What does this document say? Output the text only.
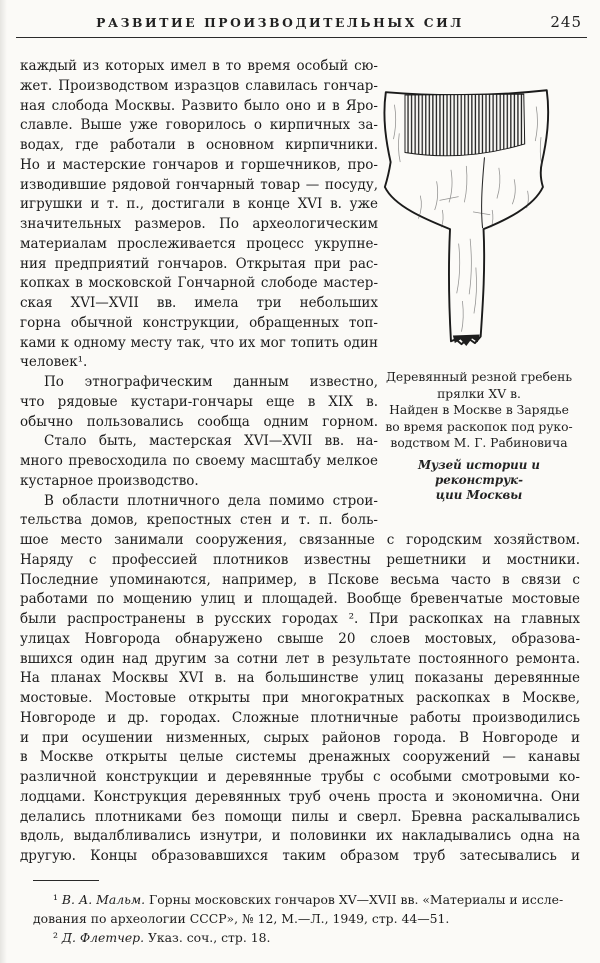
РАЗВИТИЕ ПРОИЗВОДИТЕЛЬНЫХ СИЛ	245
каждый из которых имел в то время особый сю-
жет. Производством изразцов славилась гончар-
ная слобода Москвы. Развито было оно и в Яро-
славле. Выше уже говорилось о кирпичных за-
водах, где работали в основном кирпичники.
Но и мастерские гончаров и горшечников, про-
изводившие рядовой гончарный товар — посуду,
игрушки и т. п., достигали в конце XVI в. уже
значительных размеров. По археологическим
материалам прослеживается процесс укрупне-
ния предприятий гончаров. Открытая при рас-
копках в московской Гончарной слободе мастер-
ская XVI—XVII вв. имела три небольших
горна обычной конструкции, обращенных топ-
ками к одному месту так, что их мог топить один
человек¹.
По этнографическим данным известно,
что рядовые кустари-гончары еще в XIX в.
обычно пользовались сообща одним горном.
Стало быть, мастерская XVI—XVII вв. на-
много превосходила по своему масштабу мелкое
кустарное производство.
В области плотничного дела помимо строи-
тельства домов, крепостных стен и т. п. боль-
Деревянный резной гребень
прялки XV в.
Найден в Москве в Зарядье
во время раскопок под руко-
водством М. Г. Рабиновича
Музей истории и реконструк-
ции Москвы
шое место занимали сооружения, связанные с городским хозяйством.
Наряду с профессией плотников известны решетники и мостники.
Последние упоминаются, например, в Пскове весьма часто в связи с
работами по мощению улиц и площадей. Вообще бревенчатые мостовые
были распространены в русских городах ². При раскопках на главных
улицах Новгорода обнаружено свыше 20 слоев мостовых, образова-
вшихся один над другим за сотни лет в результате постоянного ремонта.
На планах Москвы XVI в. на большинстве улиц показаны деревянные
мостовые. Мостовые открыты при многократных раскопках в Москве,
Новгороде и др. городах. Сложные плотничные работы производились
и при осушении низменных, сырых районов города. В Новгороде и
в Москве открыты целые системы дренажных сооружений — канавы
различной конструкции и деревянные трубы с особыми смотровыми ко-
лодцами. Конструкция деревянных труб очень проста и экономична. Они
делались плотниками без помощи пилы и сверл. Бревна раскалывались
вдоль, выдалбливались изнутри, и половинки их накладывались одна на
другую. Концы образовавшихся таким образом труб затесывались и
¹ В. А. Мальм. Горны московских гончаров XV—XVII вв. «Материалы и иссле-
дования по археологии СССР», № 12, М.—Л., 1949, стр. 44—51.
² Д. Флетчер. Указ. соч., стр. 18.
